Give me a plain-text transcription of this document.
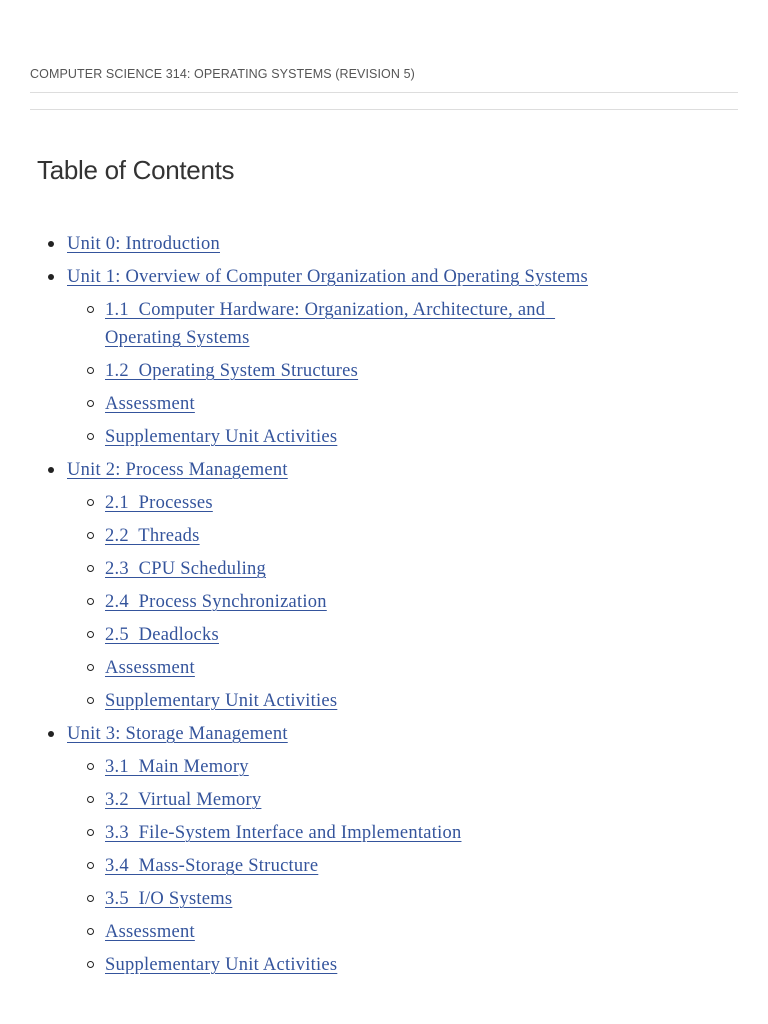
COMPUTER SCIENCE 314: OPERATING SYSTEMS (REVISION 5)
Table of Contents
Unit 0: Introduction
Unit 1: Overview of Computer Organization and Operating Systems
1.1  Computer Hardware: Organization, Architecture, and  Operating Systems
1.2  Operating System Structures
Assessment
Supplementary Unit Activities
Unit 2: Process Management
2.1  Processes
2.2  Threads
2.3  CPU Scheduling
2.4  Process Synchronization
2.5  Deadlocks
Assessment
Supplementary Unit Activities
Unit 3: Storage Management
3.1  Main Memory
3.2  Virtual Memory
3.3  File-System Interface and Implementation
3.4  Mass-Storage Structure
3.5  I/O Systems
Assessment
Supplementary Unit Activities
